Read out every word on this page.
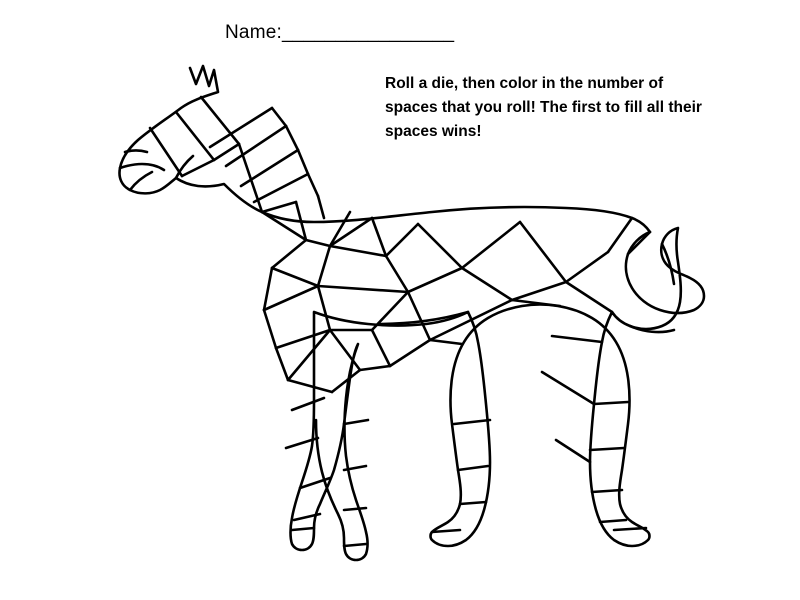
Name:________________
Roll a die, then color in the number of spaces that you roll! The first to fill all their spaces wins!
